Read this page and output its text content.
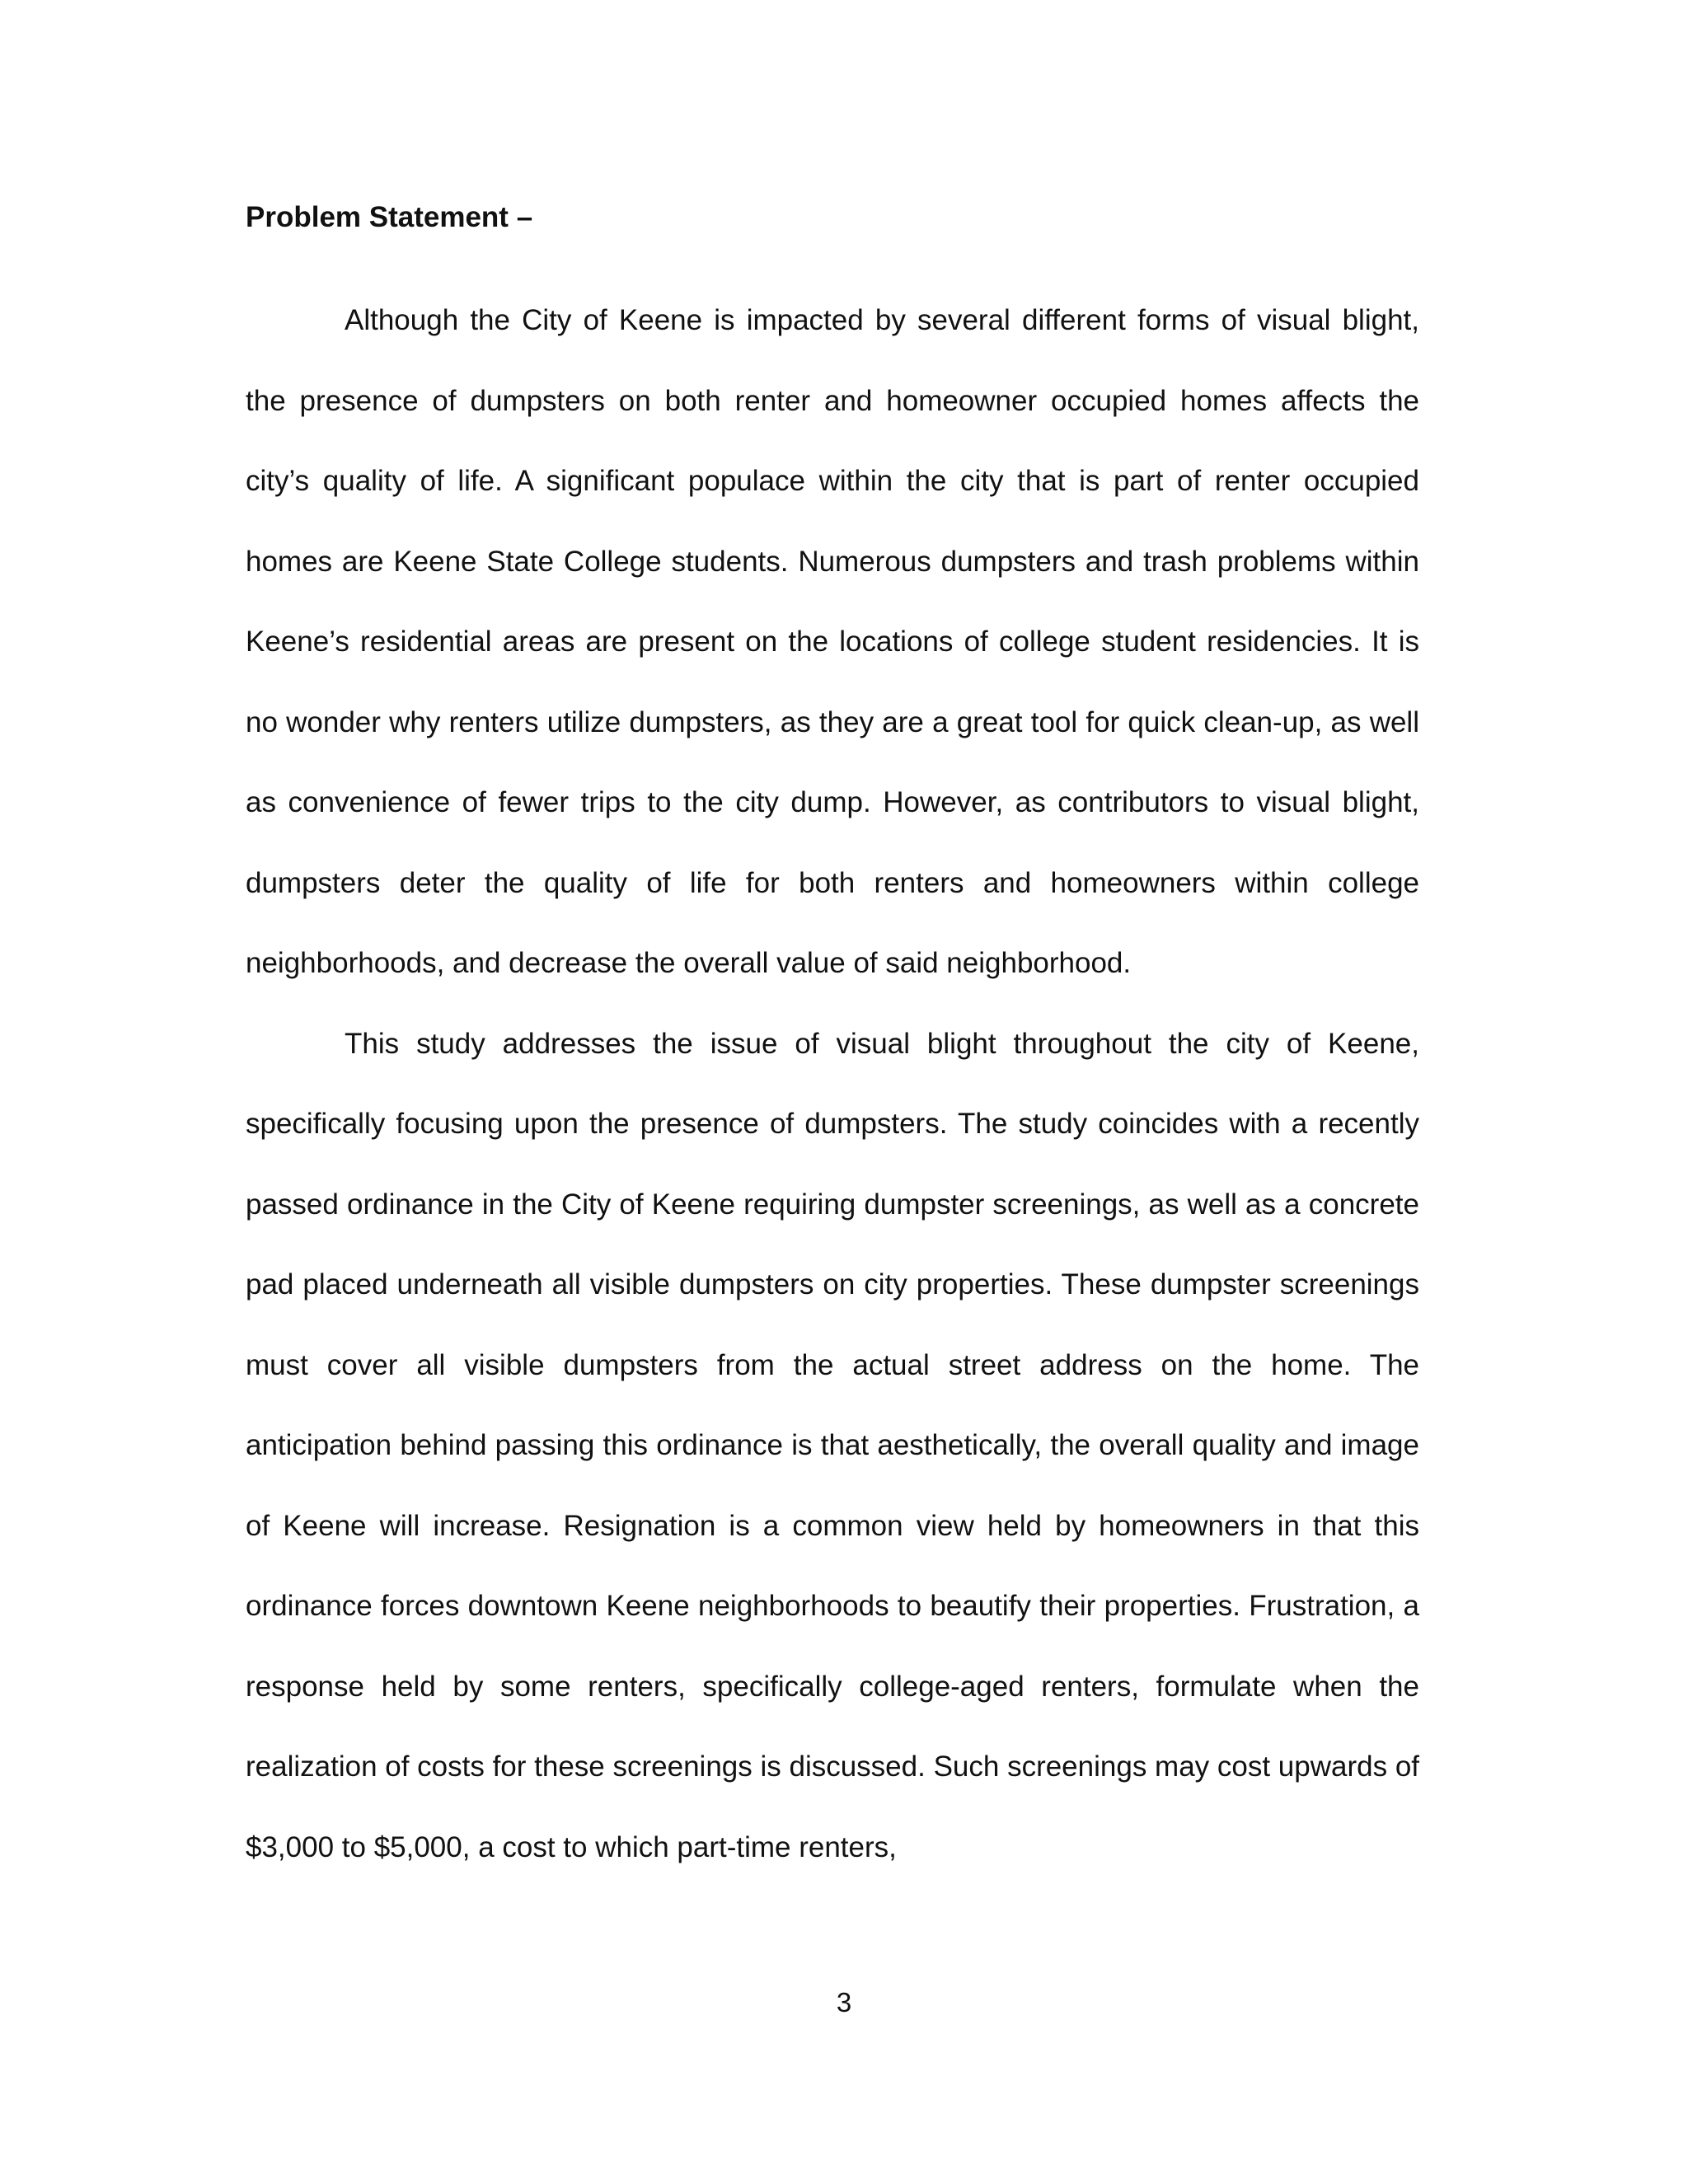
Problem Statement –

Although the City of Keene is impacted by several different forms of visual blight, the presence of dumpsters on both renter and homeowner occupied homes affects the city’s quality of life. A significant populace within the city that is part of renter occupied homes are Keene State College students. Numerous dumpsters and trash problems within Keene’s residential areas are present on the locations of college student residencies. It is no wonder why renters utilize dumpsters, as they are a great tool for quick clean-up, as well as convenience of fewer trips to the city dump. However, as contributors to visual blight, dumpsters deter the quality of life for both renters and homeowners within college neighborhoods, and decrease the overall value of said neighborhood.

This study addresses the issue of visual blight throughout the city of Keene, specifically focusing upon the presence of dumpsters. The study coincides with a recently passed ordinance in the City of Keene requiring dumpster screenings, as well as a concrete pad placed underneath all visible dumpsters on city properties. These dumpster screenings must cover all visible dumpsters from the actual street address on the home. The anticipation behind passing this ordinance is that aesthetically, the overall quality and image of Keene will increase. Resignation is a common view held by homeowners in that this ordinance forces downtown Keene neighborhoods to beautify their properties. Frustration, a response held by some renters, specifically college-aged renters, formulate when the realization of costs for these screenings is discussed. Such screenings may cost upwards of $3,000 to $5,000, a cost to which part-time renters,

3
